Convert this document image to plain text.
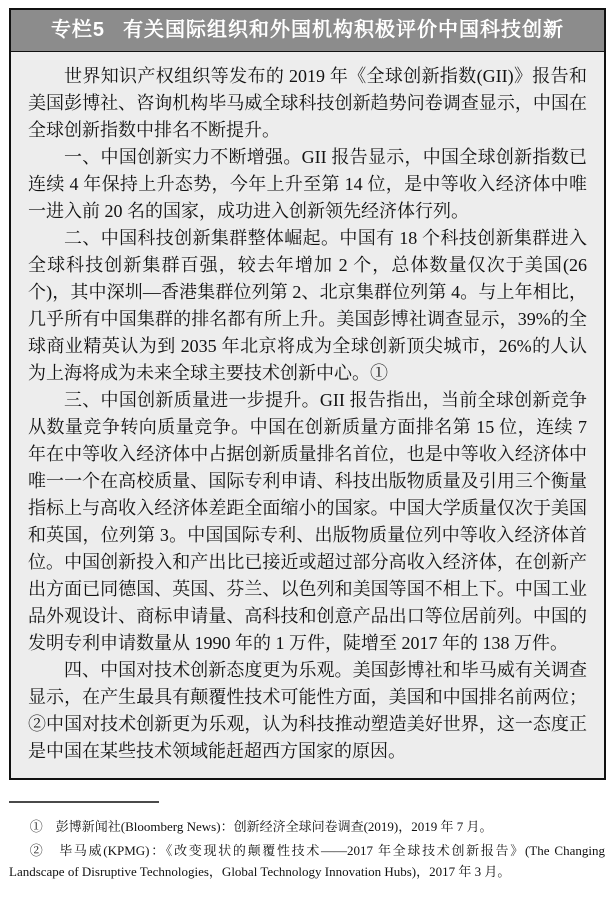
专栏5 有关国际组织和外国机构积极评价中国科技创新

世界知识产权组织等发布的 2019 年《全球创新指数(GII)》报告和美国彭博社、咨询机构毕马威全球科技创新趋势问卷调查显示，中国在全球创新指数中排名不断提升。

一、中国创新实力不断增强。GII 报告显示，中国全球创新指数已连续 4 年保持上升态势，今年上升至第 14 位，是中等收入经济体中唯一进入前 20 名的国家，成功进入创新领先经济体行列。

二、中国科技创新集群整体崛起。中国有 18 个科技创新集群进入全球科技创新集群百强，较去年增加 2 个，总体数量仅次于美国(26 个)，其中深圳—香港集群位列第 2、北京集群位列第 4。与上年相比，几乎所有中国集群的排名都有所上升。美国彭博社调查显示，39%的全球商业精英认为到 2035 年北京将成为全球创新顶尖城市，26%的人认为上海将成为未来全球主要技术创新中心。①

三、中国创新质量进一步提升。GII 报告指出，当前全球创新竞争从数量竞争转向质量竞争。中国在创新质量方面排名第 15 位，连续 7 年在中等收入经济体中占据创新质量排名首位，也是中等收入经济体中唯一一个在高校质量、国际专利申请、科技出版物质量及引用三个衡量指标上与高收入经济体差距全面缩小的国家。中国大学质量仅次于美国和英国，位列第 3。中国国际专利、出版物质量位列中等收入经济体首位。中国创新投入和产出比已接近或超过部分高收入经济体，在创新产出方面已同德国、英国、芬兰、以色列和美国等国不相上下。中国工业品外观设计、商标申请量、高科技和创意产品出口等位居前列。中国的发明专利申请数量从 1990 年的 1 万件，陡增至 2017 年的 138 万件。

四、中国对技术创新态度更为乐观。美国彭博社和毕马威有关调查显示，在产生最具有颠覆性技术可能性方面，美国和中国排名前两位；②中国对技术创新更为乐观，认为科技推动塑造美好世界，这一态度正是中国在某些技术领域能赶超西方国家的原因。

①　彭博新闻社(Bloomberg News)：创新经济全球问卷调查(2019)，2019 年 7 月。

②　毕马威(KPMG)：《改变现状的颠覆性技术——2017 年全球技术创新报告》(The Changing Landscape of Disruptive Technologies，Global Technology Innovation Hubs)，2017 年 3 月。
